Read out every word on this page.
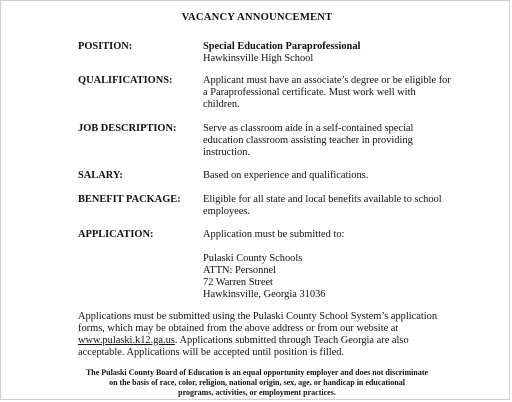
VACANCY ANNOUNCEMENT
POSITION:	Special Education Paraprofessional
Hawkinsville High School
QUALIFICATIONS:	Applicant must have an associate’s degree or be eligible for
a Paraprofessional certificate. Must work well with
children.
JOB DESCRIPTION:	Serve as classroom aide in a self-contained special
education classroom assisting teacher in providing
instruction.
SALARY:	Based on experience and qualifications.
BENEFIT PACKAGE: Eligible for all state and local benefits available to school
employees.
APPLICATION:	Application must be submitted to:
Pulaski County Schools
ATTN: Personnel
72 Warren Street
Hawkinsville, Georgia 31036
Applications must be submitted using the Pulaski County School System’s application
forms, which may be obtained from the above address or from our website at
www.pulaski.k12.ga.us. Applications submitted through Teach Georgia are also
acceptable. Applications will be accepted until position is filled.
The Pulaski County Board of Education is an equal opportunity employer and does not discriminate
on the basis of race, color, religion, national origin, sex, age, or handicap in educational
programs, activities, or employment practices.
